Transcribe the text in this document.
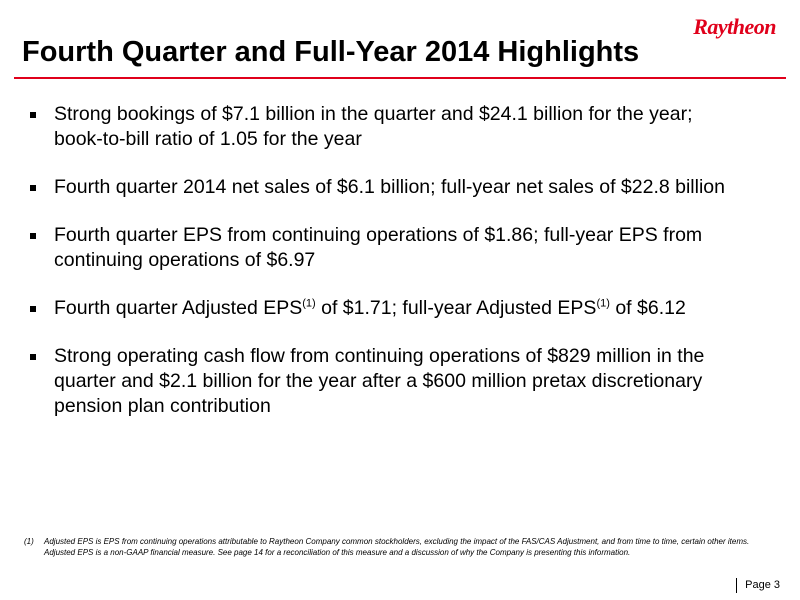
Raytheon
Fourth Quarter and Full-Year 2014 Highlights
Strong bookings of $7.1 billion in the quarter and $24.1 billion for the year; book-to-bill ratio of 1.05 for the year
Fourth quarter 2014 net sales of $6.1 billion; full-year net sales of $22.8 billion
Fourth quarter EPS from continuing operations of $1.86; full-year EPS from continuing operations of $6.97
Fourth quarter Adjusted EPS$^{(1)}$ of $1.71; full-year Adjusted EPS$^{(1)}$ of $6.12
Strong operating cash flow from continuing operations of $829 million in the quarter and $2.1 billion for the year after a $600 million pretax discretionary pension plan contribution
(1) Adjusted EPS is EPS from continuing operations attributable to Raytheon Company common stockholders, excluding the impact of the FAS/CAS Adjustment, and from time to time, certain other items. Adjusted EPS is a non-GAAP financial measure. See page 14 for a reconciliation of this measure and a discussion of why the Company is presenting this information.
Page 3
